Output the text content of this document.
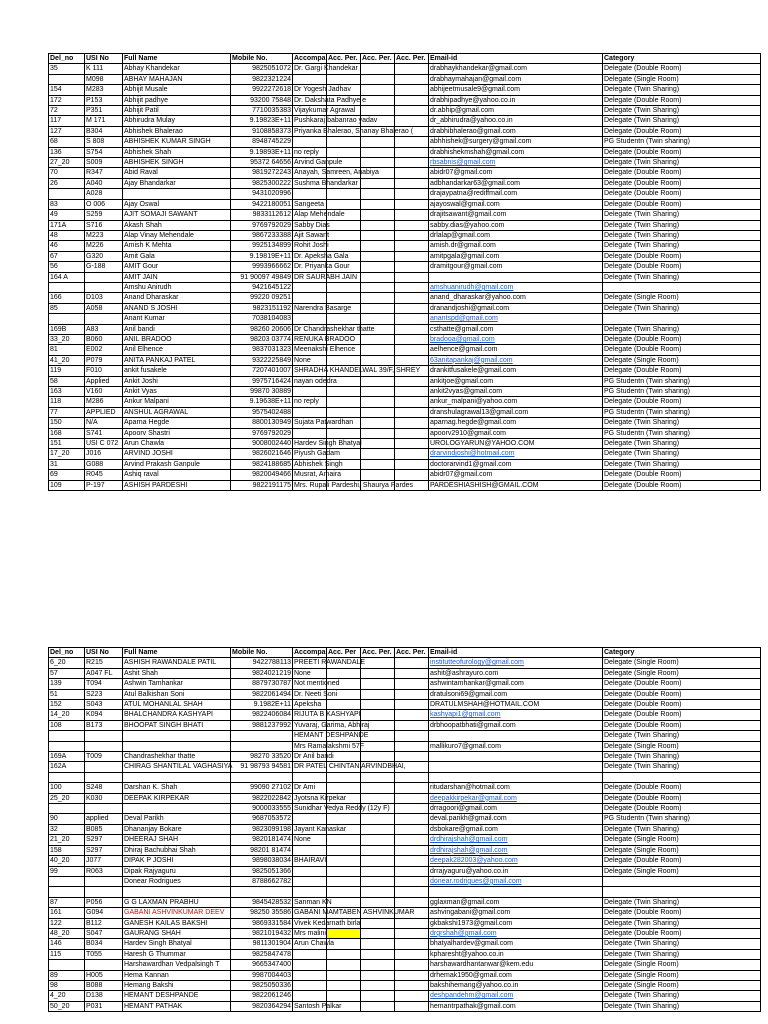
Del_no	USI No	Full Name	Mobile No.	Accompa	Acc. Per.	Acc. Per.	Acc. Per.	Email-id	Category
35	K 111	Abhay Khandekar	9825051072	Dr. Gargi Khandekar				drabhaykhandekar@gmail.com	Delegate (Double Room)
	M098	ABHAY MAHAJAN	9822321224					drabhaymahajan@gmail.com	Delegate (Single Room)
154	M283	Abhijit Musale	9922272618	Dr Yogesh Jadhav				abhijeetmusale9@gmail.com	Delegate (Twin Sharing)
172	P153	Abhijit padhye	93200 75848	Dr. Dakshata Padhye e				drabhipadhye@yahoo.co.in	Delegate (Double Room)
72	P351	Abhijit Patil	7710035383	Vijaykumar Agrawal				dr.abhip@gmail.com	Delegate (Twin Sharing)
117	M 171	Abhirudra Mulay	9.19823E+11	Pushkaraj babanrao yadav				dr_abhirudra@yahoo.co.in	Delegate (Twin Sharing)
127	B304	Abhishek Bhalerao	9108858373	Priyanka Bhalerao, Shanay Bhalerao (				drabhibhalerao@gmail.com	Delegate (Double Room)
68	S 808	ABHISHEK KUMAR SINGH	8948745229					abhhishek@surgery@gmail.com	PG Studentn (Twin sharing)
136	S754	Abhishek Shah	9.19893E+11	no reply				drabhishekmshah@gmail.com	Delegate (Double Room)
27_20	S009	ABHISHEK SINGH	95372 64656	Arvind Ganpule				rbsabnis@gmail.com	Delegate (Twin Sharing)
70	R347	Abid Raval	9819272243	Anayah, Samreen, Anabiya				abidr07@gmail.com	Delegate (Double Room)
26	A040	Ajay Bhandarkar	9825300222	Sushma Bhandarkar				adbhandarkar63@gmail.com	Delegate (Double Room)
	A028		9431020996					drajaypatna@rediffmail.com	Delegate (Double Room)
83	O 006	Ajay Oswal	9422180051	Sangeeta				ajayoswal@gmail.com	Delegate (Double Room)
49	S259	AJIT SOMAJI SAWANT	9833112612	Alap Mehendale				drajitsawant@gmail.com	Delegate (Twin Sharing)
171A	S716	Akash Shah	9769792029	Sabby Dias				sabby.dias@yahoo.com	Delegate (Twin Sharing)
48	M223	Alap Vinay Mehendale	9867233388	Ajit Sawant				drlalap@gmail.com	Delegate (Twin Sharing)
46	M226	Amish K Mehta	9925134899	Rohit Joshi				amish.dr@gmail.com	Delegate (Twin Sharing)
67	G320	Amit Gala	9.19819E+11	Dr. Apeksha Gala				amitpgala@gmail.com	Delegate (Double Room)
56	G-188	AMIT Gour	9993966662	Dr. Priyanka Gour				dramitgour@gmail.com	Delegate (Double Room)
164 A		AMIT JAIN	91 90097 49849	DR SAURABH JAIN					Delegate (Twin Sharing)
		Amshu Anirudh	9421645122					amshuanirudh@gmail.com	
166	D103	Anand Dharaskar	99220 09251					anand_dharaskar@yahoo.com	Delegate (Single Room)
85	A058	ANAND S JOSHI	9823151192	Narendra Basarge				dranandjoshi@gmail.com	Delegate (Twin Sharing)
		Anant Kumar	7038104083					anantspd@gmail.com	
169B	A83	Anil bandi	98260 20606	Dr Chandrashekhar thatte				csthatte@gmail.com	Delegate (Twin Sharing)
33_20	B060	ANIL BRADOO	98203 03774	RENUKA BRADOO				bradooa@gmail.com	Delegate (Double Room)
81	E002	Anil Elhence	9837031323	Meenakshi Elhence				aelhence@gmail.com	Delegate (Double Room)
41_20	P079	ANITA PANKAJ PATEL	9322225849	None				63anitapankaj@gmail.com	Delegate (Single Room)
119	F010	ankit fusakele	7207401007	SHRADHA KHANDELWAL 39/F, SHREY				drankitfusakele@gmail.com	Delegate (Double Room)
58	Applied	Ankit Joshi	9975716424	nayan odedra				ankitjoe@gmail.com	PG Studentn (Twin sharing)
163	V160	Ankit Vyas	99870 30889					ankit2vyas@gmail.com	PG Studentn (Twin sharing)
118	M286	Ankur Malpani	9.19638E+11	no reply				ankur_malpani@yahoo.com	Delegate (Double Room)
77	APPLIED	ANSHUL AGRAWAL	9575402488					dranshulagrawal13@gmail.com	PG Studentn (Twin sharing)
150	N/A	Aparna Hegde	8800130949	Sujata Patwardhan				aparnag.hegde@gmail.com	Delegate (Twin Sharing)
168	S741	Apoorv Shastri	9769792029					apoorv2910@gmail.com	PG Studentn (Twin sharing)
151	USI C 072	Arun Chawla	9008002440	Hardev Singh Bhatyal				UROLOGYARUN@YAHOO.COM	Delegate (Twin Sharing)
17_20	J016	ARVIND JOSHI	9826021646	Piyush Gadam				drarvindjoshi@hotmail.com	Delegate (Twin Sharing)
31	G088	Arvind Prakash Ganpule	9824188685	Abhishek Singh				doctorarvind1@gmail.com	Delegate (Twin Sharing)
69	R045	Ashiq raval	9820049466	Musrat, Amaira				abidr07@gmail.com	Delegate (Double Room)
109	P-197	ASHISH PARDESHI	9822191175	Mrs. Rupali Pardeshi, Shaurya Pardes				PARDESHIASHISH@GMAIL.COM	Delegate (Double Room)
Del_no	USI No	Full Name	Mobile No.	Accompa	Acc. Per	Acc. Per.	Acc. Per.	Email-id	Category
6_20	R215	ASHISH RAWANDALE PATIL	9422788113	PREETI RAWANDALE				institutteofurology@gmail.com	Delegate (Single Room)
57	A047 FL	Ashit Shah	9824021219	None				ashit@ashrayuro.com	Delegate (Single Room)
139	T094	Ashwin Tamhankar	8879730787	Not mentioned				ashwintamhankar@gmail.com	Delegate (Double Room)
51	S223	Atul Balkishan Soni	9822061494	Dr. Neeti Soni				dratulsoni69@gmail.com	Delegate (Double Room)
152	S043	ATUL MOHANLAL SHAH	9.1982E+11	Apeksha				DRATULMSHAH@HOTMAIL.COM	Delegate (Double Room)
14_20	K094	BHALCHANDRA KASHYAPI	9822406084	RIJUTA B KASHYAPI				kashyapi1@gmail.com	Delegate (Double Room)
108	B173	BHOOPAT SINGH BHATI	9881237992	Yuvaraj, Garima, Abhiraj				drbhoopatbhati@gmail.com	Delegate (Double Room)
				HEMANT DESHPANDE					Delegate (Twin Sharing)
				Mrs Ramalakshmi 57F				mallikuro7@gmail.com	Delegate (Single Room)
169A	T009	Chandrashekhar thatte	98270 33520	Dr Anil bandi					Delegate (Twin Sharing)
162A		CHIRAG SHANTILAL VAGHASIYA	91 98793 94581	DR PATEL CHINTAN ARVINDBHAI,					Delegate (Twin Sharing)

100	S248	Darshan K. Shah	99090 27102	Dr Ami				ritudarshan@hotmail.com	Delegate (Double Room)
25_20	K030	DEEPAK KIRPEKAR	9822022842	Jyotsna Kirpekar				deepakkirpekar@gmail.com	Delegate (Double Room)
			9000033555	Sunidhar Vedya Reddy (12y F)				drragoori@gmail.com	Delegate (Double Room)
90	applied	Deval Parikh	9687053572					deval.parikh@gmail.com	PG Studentn (Twin sharing)
32	B085	Dhananjay Bokare	9823099198	Jayant Kanaskar				dsbokare@gmail.com	Delegate (Twin Sharing)
21_20	S297	DHEERAJ SHAH	9820181474	None				drdhirajshah@gmail.com	Delegate (Single Room)
158	S297	Dhiraj Bachubhai Shah	98201 81474					drdhirajshah@gmail.com	Delegate (Single Room)
40_20	J077	DIPAK P JOSHI	9898038034	BHAIRAVI				deepak282003@yahoo.com	Delegate (Double Room)
99	R063	Dipak Rajyaguru	9825051366					drrajyaguru@yahoo.co.in	Delegate (Single Room)
		Donear Rodrigues	8788662782					donear.rodrigues@gmail.com	

87	P056	G G LAXMAN PRABHU	9845428532	Sanman KN				gglaxman@gmail.com	Delegate (Twin Sharing)
161	G094	GABANI ASHVINKUMAR DEEV	98250 35586	GABANI MAMTABEN ASHVINKUMAR				ashvingabani@gmail.com	Delegate (Double Room)
122	B112	GANESH KAILAS BAKSHI	9869331584	Vivek Kedarnath birla				gkbakshi1973@gmail.com	Delegate (Twin Sharing)
48_20	S047	GAURANG SHAH	9821019432	Mrs malini				drgrshah@gmail.com	Delegate (Double Room)
146	B034	Hardev Singh Bhatyal	9811301904	Arun Chawla				bhatyalhardev@gmail.com	Delegate (Twin Sharing)
115	T055	Haresh G Thummar	9825847478					kpharesht@yahoo.co.in	Delegate (Twin Sharing)
		Harshawardhan Vedpalsingh T	9665347400					harshawardhantanwar@kem.edu	Delegate (Single Room)
89	H005	Hema Kannan	9987004403					drhemak1950@gmail.com	Delegate (Single Room)
98	B088	Hemang Bakshi	9825050336					bakshihemang@yahoo.co.in	Delegate (Single Room)
4_20	D138	HEMANT DESHPANDE	9822061246					deshpandehm@gmail.com	Delegate (Twin Sharing)
50_20	P031	HEMANT PATHAK	9820364294	Santosh Palkar				hemantrpathak@gmail.com	Delegate (Twin Sharing)
